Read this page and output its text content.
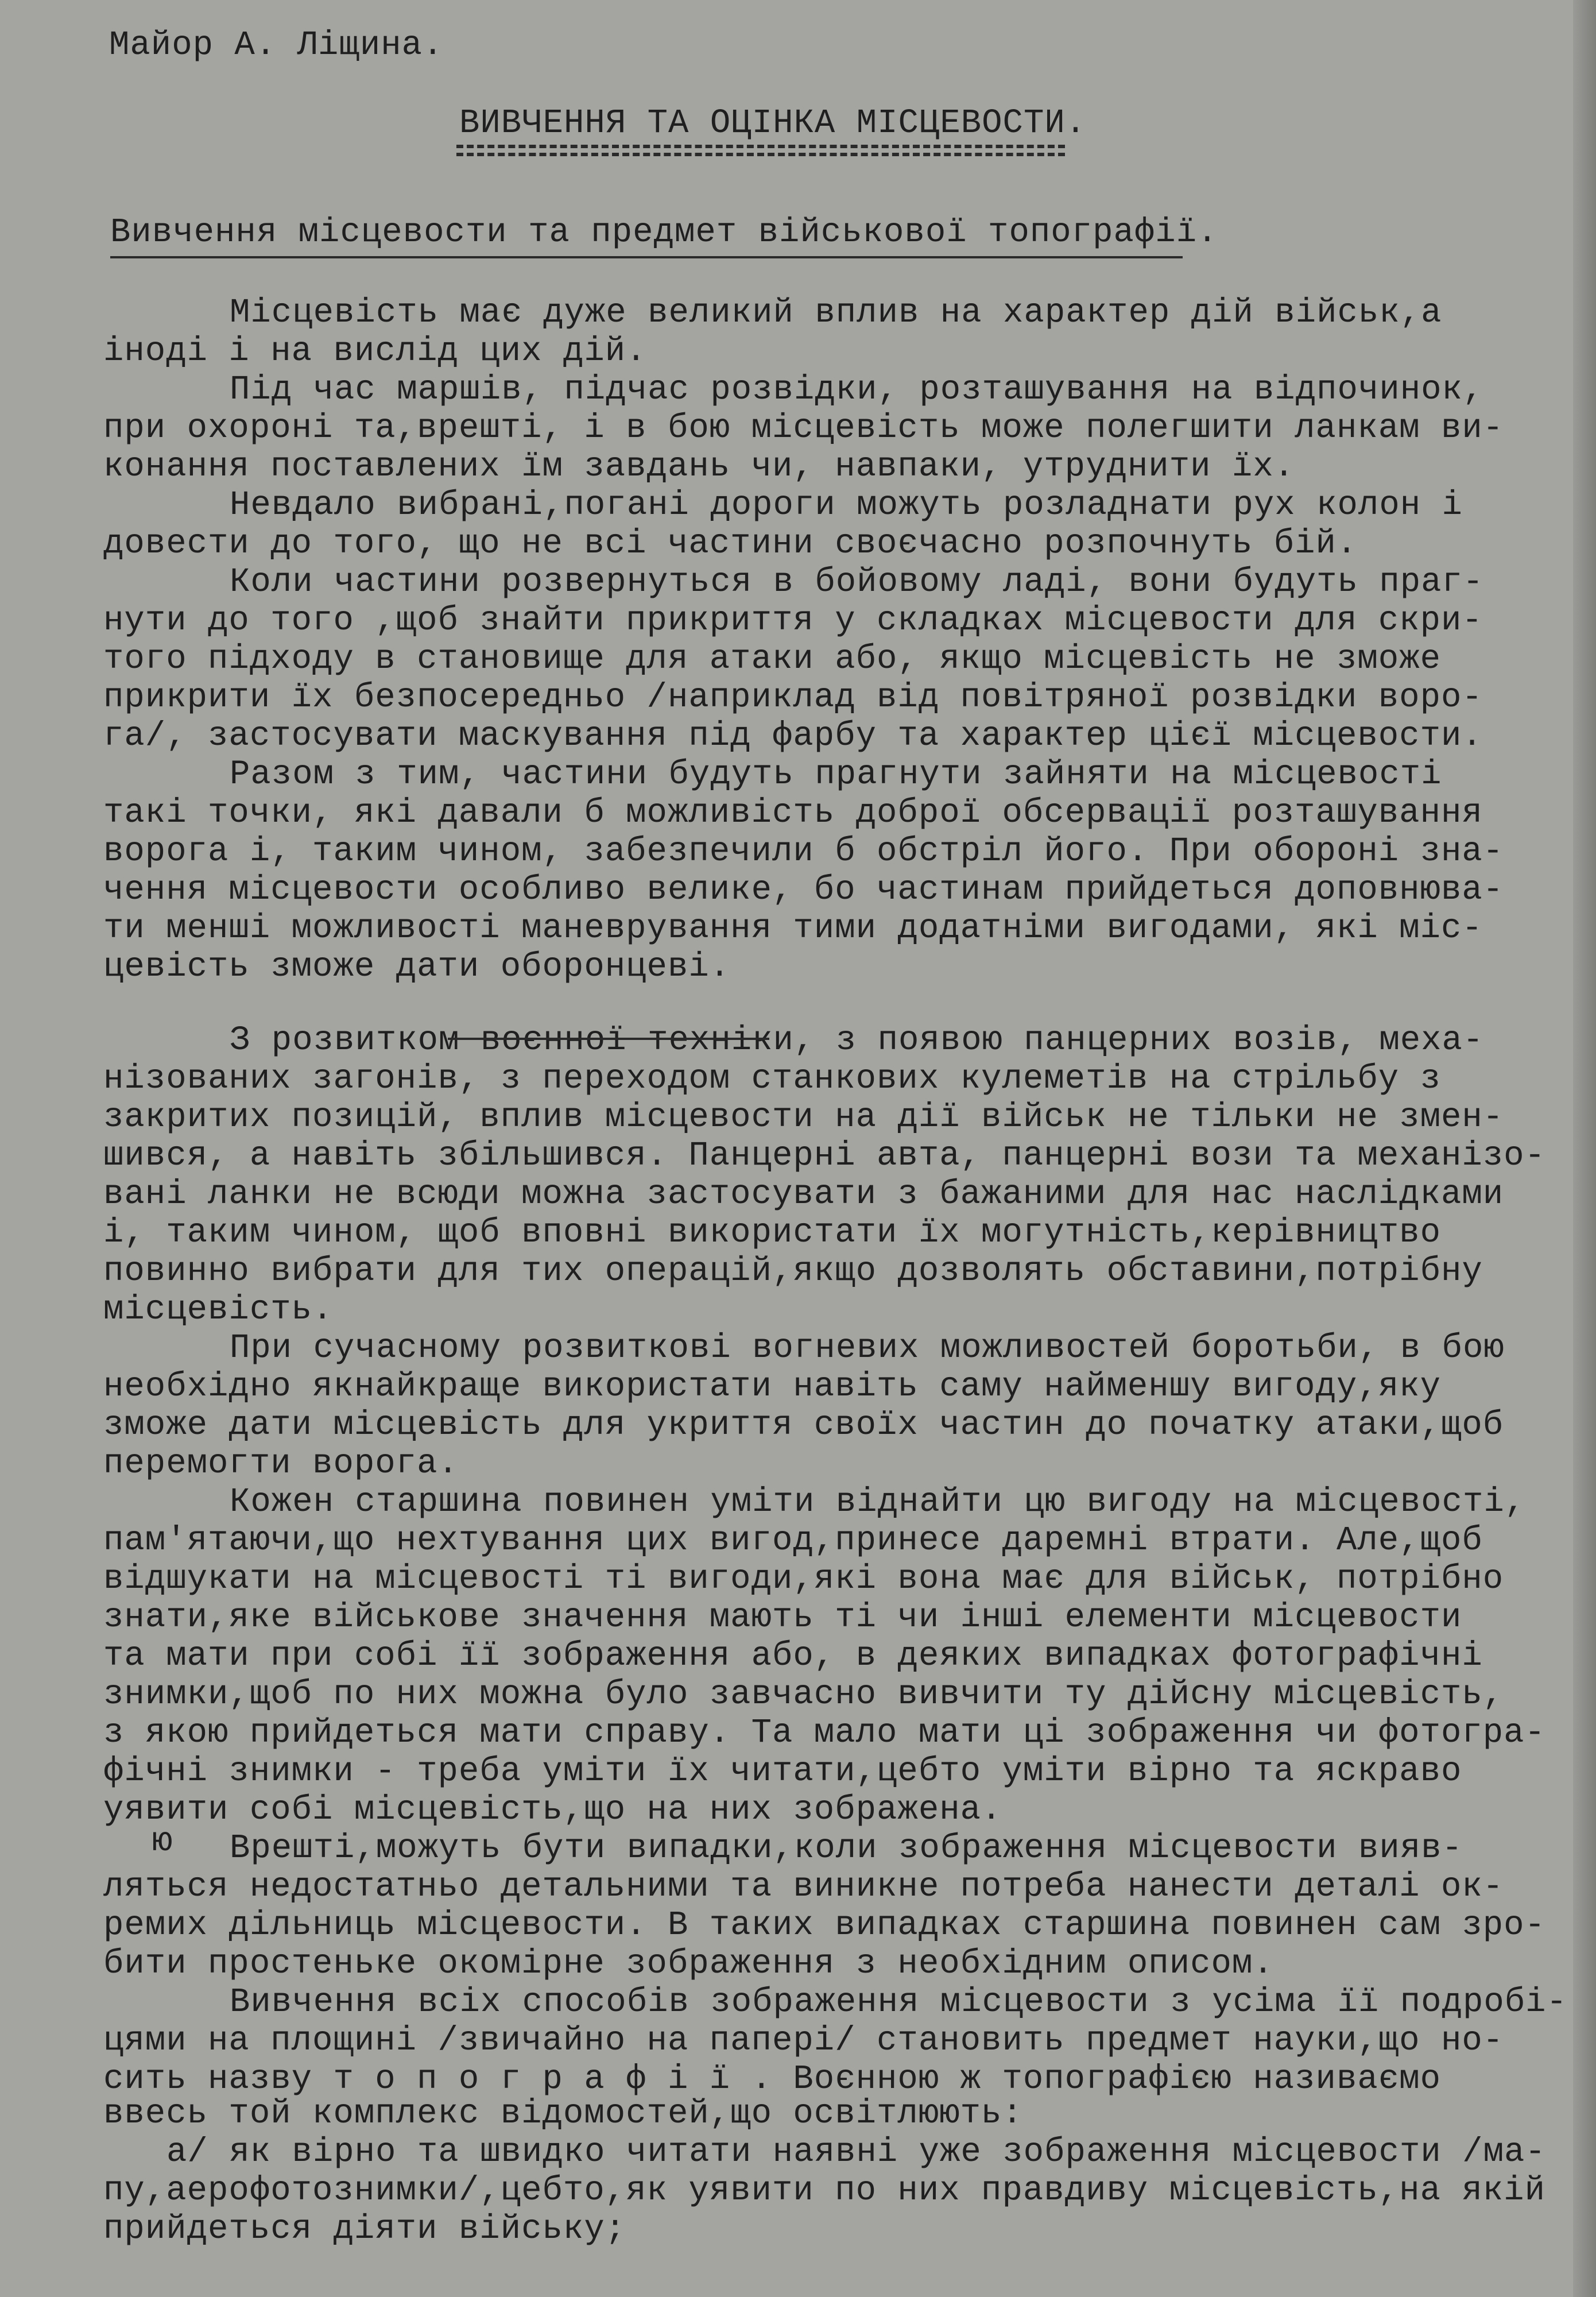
Майор А. Ліщина.
ВИВЧЕННЯ ТА ОЦІНКА МІСЦЕВОСТИ.
Вивчення місцевости та предмет військової топографії.
Місцевість має дуже великий вплив на характер дій військ,а
іноді і на вислід цих дій.
Під час маршів, підчас розвідки, розташування на відпочинок,
при охороні та,врешті, і в бою місцевість може полегшити ланкам ви-
конання поставлених їм завдань чи, навпаки, утруднити їх.
Невдало вибрані,погані дороги можуть розладнати рух колон і
довести до того, що не всі частини своєчасно розпочнуть бій.
Коли частини розвернуться в бойовому ладі, вони будуть праг-
нути до того ,щоб знайти прикриття у складках місцевости для скри-
того підходу в становище для атаки або, якщо місцевість не зможе
прикрити їх безпосередньо /наприклад від повітряної розвідки воро-
га/, застосувати маскування під фарбу та характер цієї місцевости.
Разом з тим, частини будуть прагнути зайняти на місцевості
такі точки, які давали б можливість доброї обсервації розташування
ворога і, таким чином, забезпечили б обстріл його. При обороні зна-
чення місцевости особливо велике, бо частинам прийдеться доповнюва-
ти менші можливості маневрування тими додатніми вигодами, які міс-
цевість зможе дати оборонцеві.
З розвитком воєнної техніки, з появою панцерних возів, меха-
нізованих загонів, з переходом станкових кулеметів на стрільбу з
закритих позицій, вплив місцевости на дії військ не тільки не змен-
шився, а навіть збільшився. Панцерні авта, панцерні вози та механізо-
вані ланки не всюди можна застосувати з бажаними для нас наслідками
і, таким чином, щоб вповні використати їх могутність,керівництво
повинно вибрати для тих операцій,якщо дозволять обставини,потрібну
місцевість.
При сучасному розвиткові вогневих можливостей боротьби, в бою
необхідно якнайкраще використати навіть саму найменшу вигоду,яку
зможе дати місцевість для укриття своїх частин до початку атаки,щоб
перемогти ворога.
Кожен старшина повинен уміти віднайти цю вигоду на місцевості,
пам'ятаючи,що нехтування цих вигод,принесе даремні втрати. Але,щоб
відшукати на місцевості ті вигоди,які вона має для військ, потрібно
знати,яке військове значення мають ті чи інші елементи місцевости
та мати при собі її зображення або, в деяких випадках фотографічні
знимки,щоб по них можна було завчасно вивчити ту дійсну місцевість,
з якою прийдеться мати справу. Та мало мати ці зображення чи фотогра-
фічні знимки - треба уміти їх читати,цебто уміти вірно та яскраво
уявити собі місцевість,що на них зображена.
ю Врешті,можуть бути випадки,коли зображення місцевости вияв-
ляться недостатньо детальними та виникне потреба нанести деталі ок-
ремих дільниць місцевости. В таких випадках старшина повинен сам зро-
бити простеньке окомірне зображення з необхідним описом.
Вивчення всіх способів зображення місцевости з усіма її подробі-
цями на площині /звичайно на папері/ становить предмет науки,що но-
сить назву т о п о г р а ф і ї . Воєнною ж топографією називаємо
ввесь той комплекс відомостей,що освітлюють:
а/ як вірно та швидко читати наявні уже зображення місцевости /ма-
пу,аерофотознимки/,цебто,як уявити по них правдиву місцевість,на якій
прийдеться діяти війську;
